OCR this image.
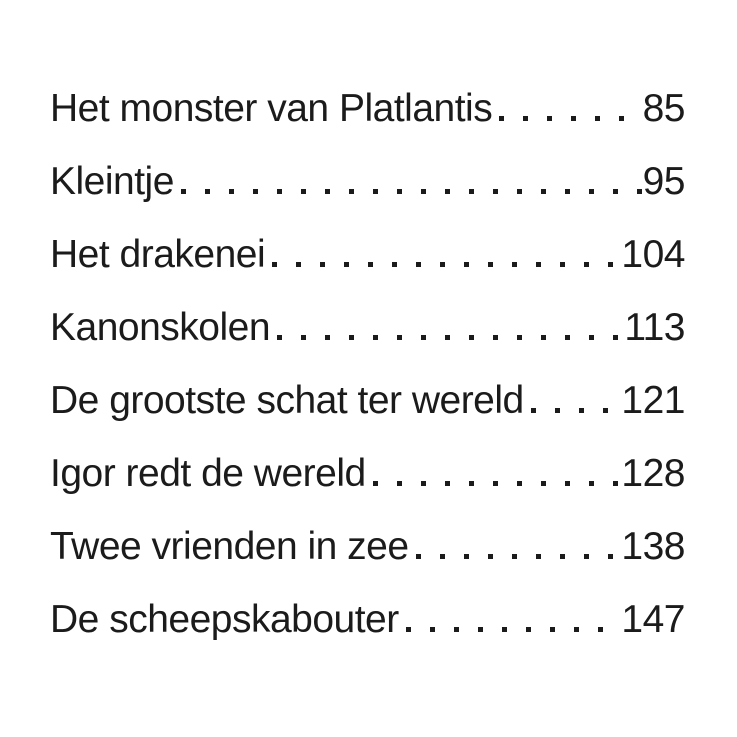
Het monster van Platlantis	85
Kleintje	95
Het drakenei	104
Kanonskolen	113
De grootste schat ter wereld	121
Igor redt de wereld	128
Twee vrienden in zee	138
De scheepskabouter	147
